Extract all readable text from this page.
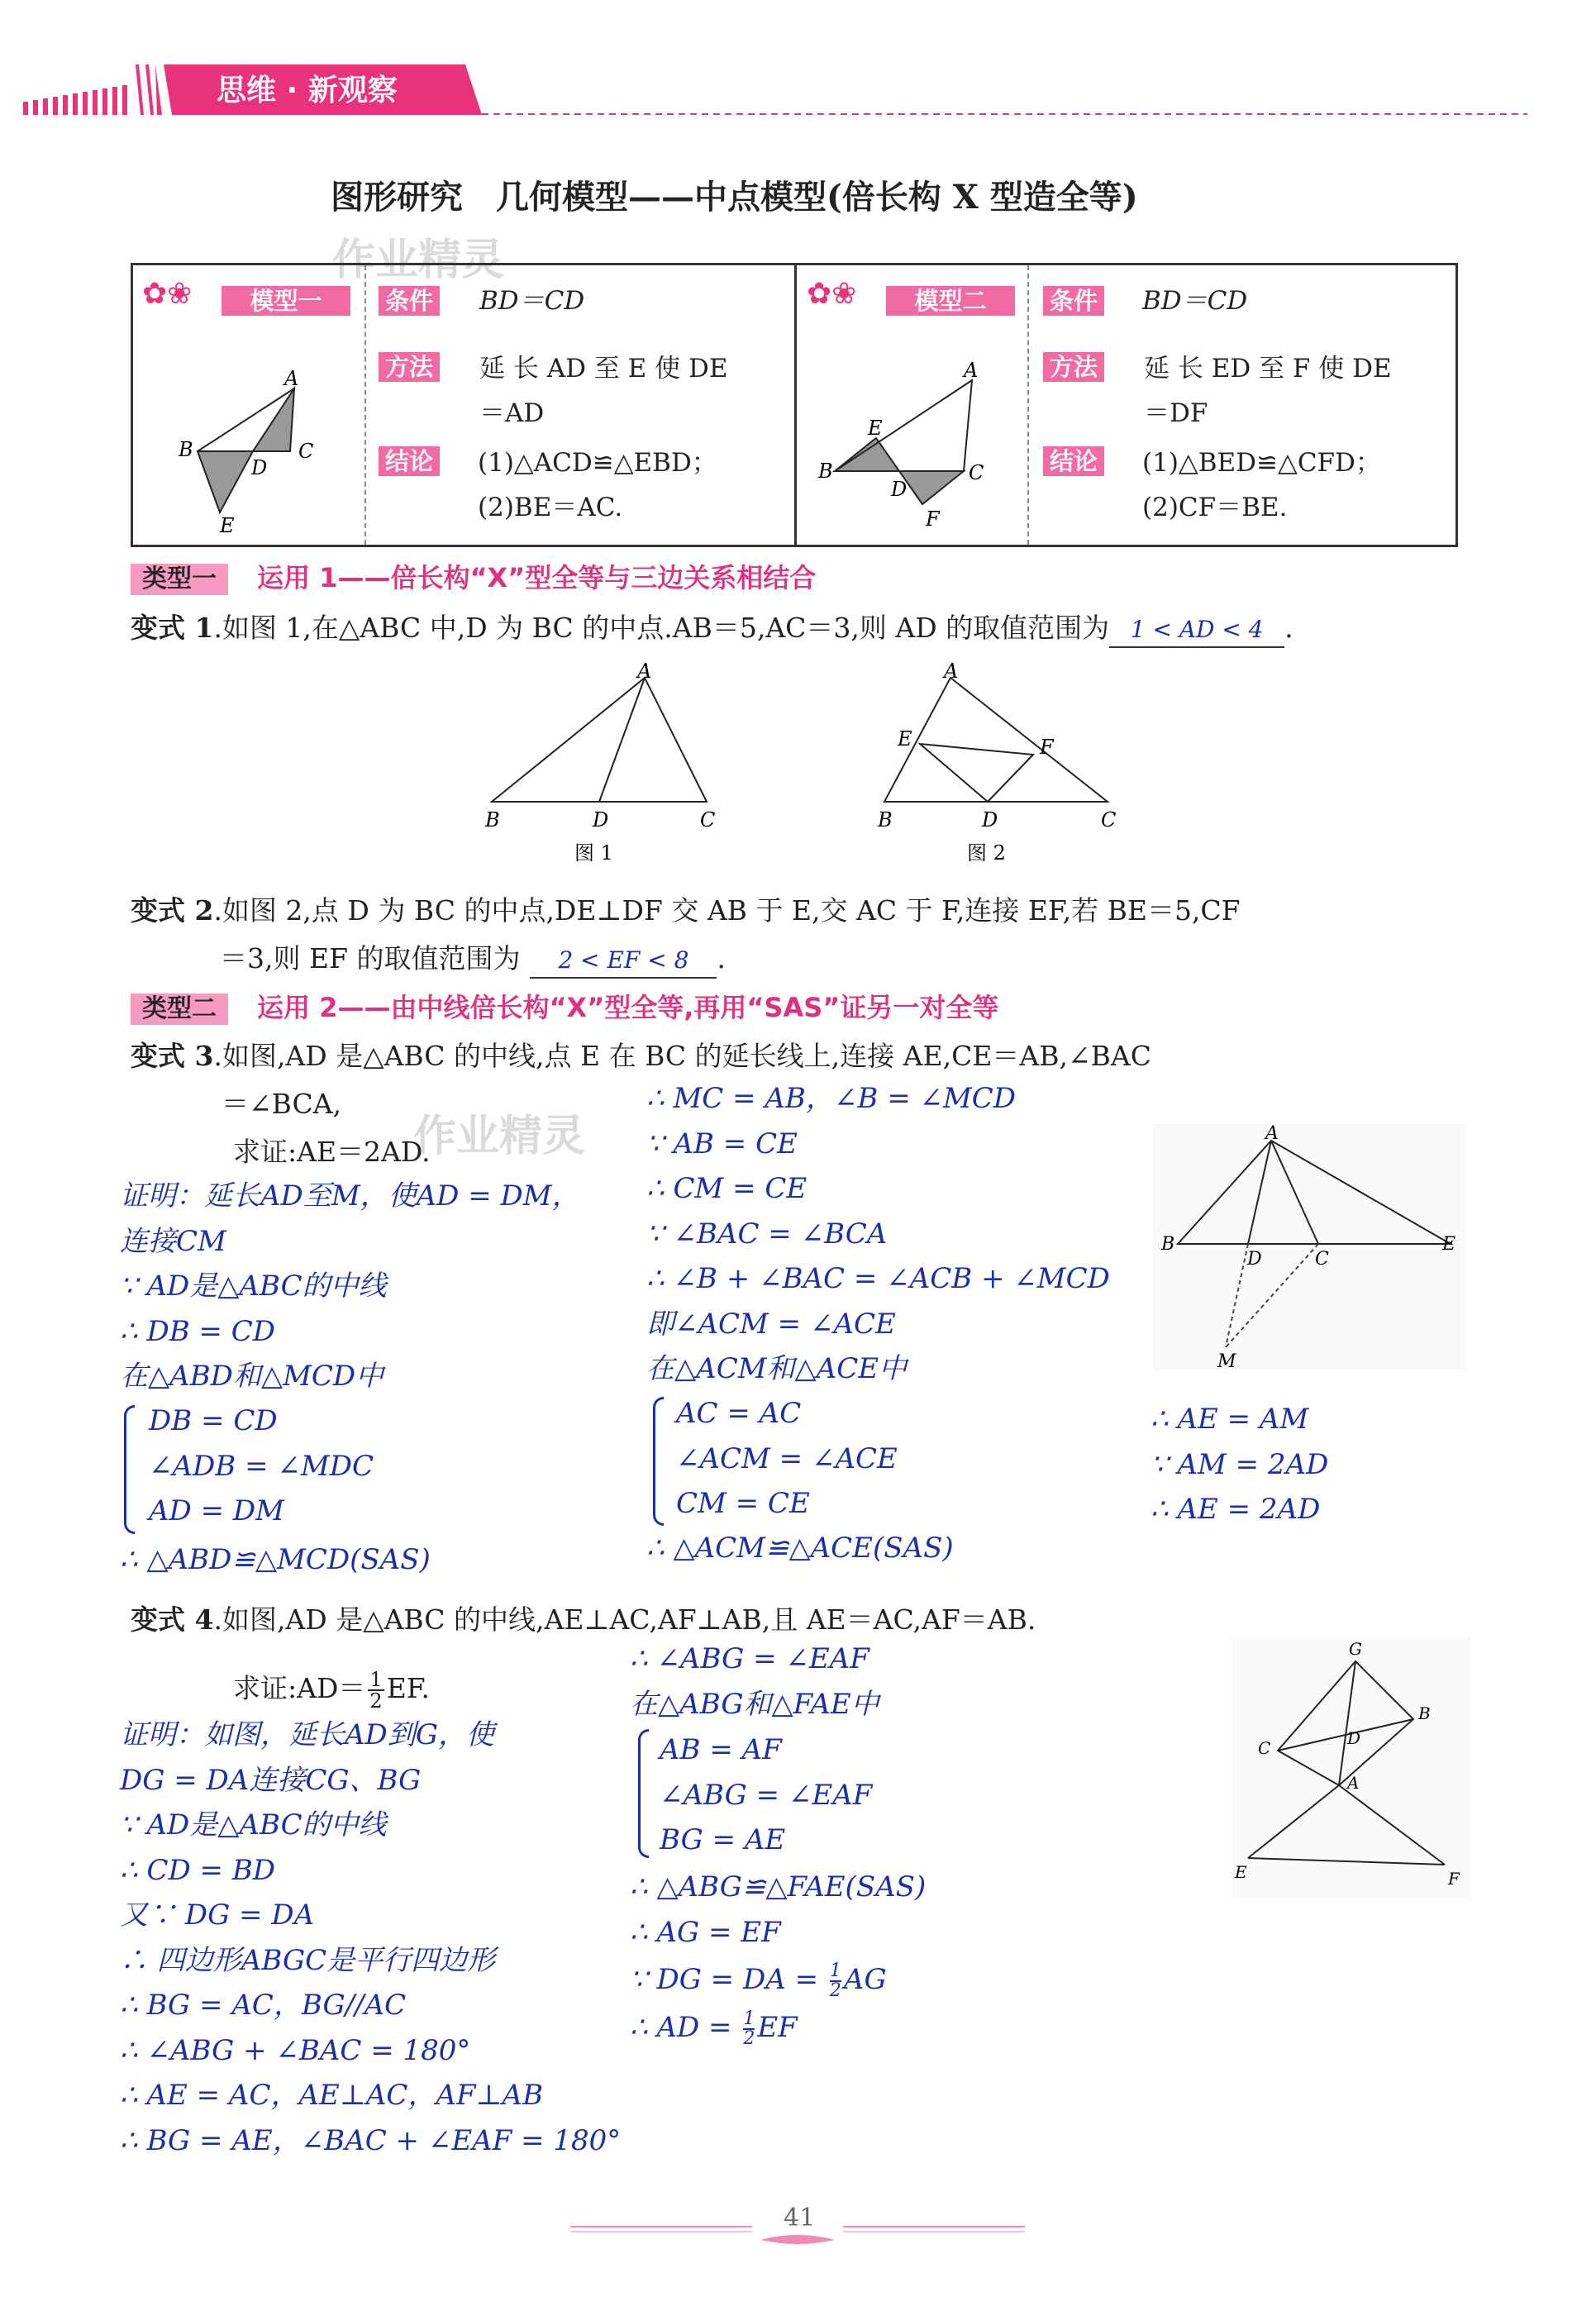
思维 · 新观察
图形研究　几何模型——中点模型(倍长构 X 型造全等)
作业精灵
✿❀	模型一
A
B	C
D
E
条件 BD＝CD
方法 延 长 AD 至 E 使 DE
＝AD
结论 (1)△ACD≌△EBD；
(2)BE＝AC.
✿❀	模型二
A
B	C
D
E
F
条件 BD＝CD
方法 延 长 ED 至 F 使 DE
＝DF
结论 (1)△BED≌△CFD；
(2)CF＝BE.
类型一 运用 1——倍长构“X”型全等与三边关系相结合
变式 1.如图 1,在△ABC 中,D 为 BC 的中点.AB＝5,AC＝3,则 AD 的取值范围为 1 < AD < 4 .
A
B	D	C
图 1
A
B	D	C
E	F
图 2
变式 2.如图 2,点 D 为 BC 的中点,DE⊥DF 交 AB 于 E,交 AC 于 F,连接 EF,若 BE＝5,CF
＝3,则 EF 的取值范围为 2 < EF < 8 .
类型二 运用 2——由中线倍长构“X”型全等,再用“SAS”证另一对全等
变式 3.如图,AD 是△ABC 的中线,点 E 在 BC 的延长线上,连接 AE,CE＝AB,∠BAC
＝∠BCA,
求证:AE＝2AD.
作业精灵
证明：延长AD至M，使AD = DM，
连接CM
∵ AD是△ABC的中线
∴ DB = CD
在△ABD和△MCD中
DB = CD
∠ADB = ∠MDC
AD = DM
∴ △ABD≌△MCD(SAS)
∴ MC = AB，∠B = ∠MCD
∵ AB = CE
∴ CM = CE
∵ ∠BAC = ∠BCA
∴ ∠B + ∠BAC = ∠ACB + ∠MCD
即∠ACM = ∠ACE
在△ACM和△ACE中
AC = AC
∠ACM = ∠ACE
CM = CE
∴ △ACM≌△ACE(SAS)
A
B
D	C
E
M
∴ AE = AM
∵ AM = 2AD
∴ AE = 2AD
变式 4.如图,AD 是△ABC 的中线,AE⊥AC,AF⊥AB,且 AE＝AC,AF＝AB.
求证:AD＝ $\frac{1}{2}$ EF.
证明：如图，延长AD到G，使
DG = DA连接CG、BG
∵ AD是△ABC的中线
∴ CD = BD
又∵ DG = DA
∴ 四边形ABGC是平行四边形
∴ BG = AC，BG//AC
∴ ∠ABG + ∠BAC = 180°
∴ AE = AC，AE⊥AC，AF⊥AB
∴ BG = AE，∠BAC + ∠EAF = 180°
∴ ∠ABG = ∠EAF
在△ABG和△FAE中
AB = AF
∠ABG = ∠EAF
BG = AE
∴ △ABG≌△FAE(SAS)
∴ AG = EF
∵ DG = DA = $\frac{1}{2}$ AG
∴ AD = $\frac{1}{2}$ EF
G
B
C	D
A
E	F
41
